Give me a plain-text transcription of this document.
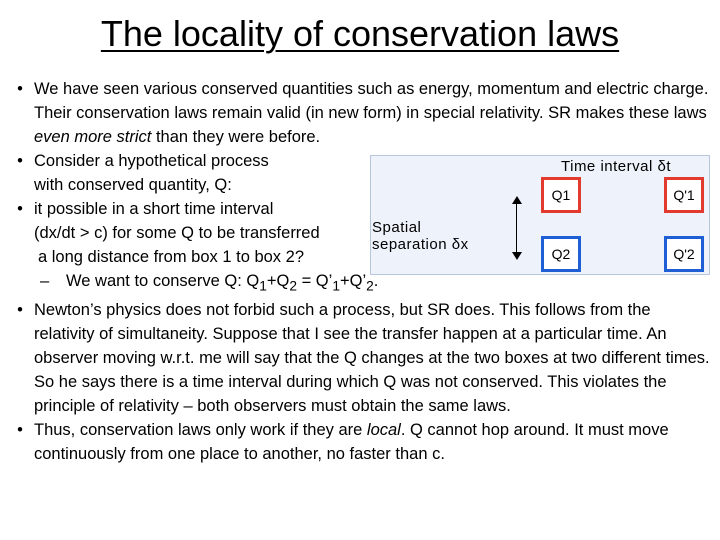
The locality of conservation laws
Time interval δt
Q1	Q'1
Q2	Q'2
• We have seen various conserved quantities such as energy, momentum and electric charge. Their conservation laws remain valid (in new form) in special relativity. SR makes these laws even more strict than they were before.
• Consider a hypothetical process
with conserved quantity, Q:
• it possible in a short time interval
(dx/dt > c) for some Q to be transferred
a long distance from box 1 to box 2?
– We want to conserve Q: $Q_1+Q_2$ = $Q’_1+Q’_2$.
• Newton’s physics does not forbid such a process, but SR does. This follows from the relativity of simultaneity. Suppose that I see the transfer happen at a particular time. An observer moving w.r.t. me will say that the Q changes at the two boxes at two different times. So he says there is a time interval during which Q was not conserved. This violates the principle of relativity – both observers must obtain the same laws.
• Thus, conservation laws only work if they are local. Q cannot hop around. It must move continuously from one place to another, no faster than c.
Spatial
separation δx
